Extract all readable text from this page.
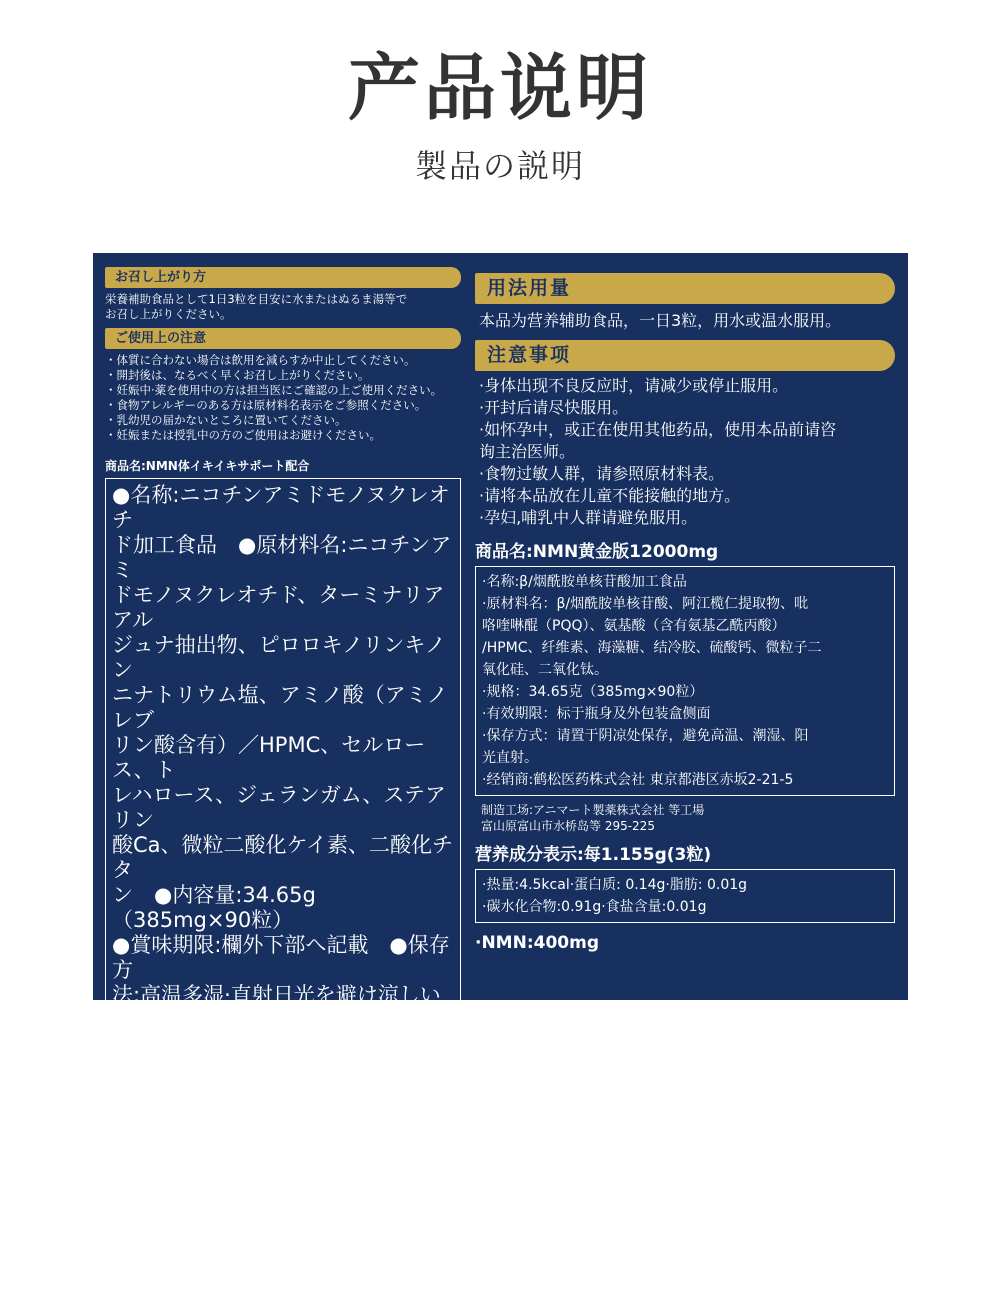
产品说明
製品の説明
お召し上がり方

栄養補助食品として1日3粒を目安に水またはぬるま湯等で

お召し上がりください。

ご使用上の注意

・体質に合わない場合は飲用を減らすか中止してください。

・開封後は、なるべく早くお召し上がりください。

・妊娠中·薬を使用中の方は担当医にご確認の上ご使用ください。

・食物アレルギーのある方は原材料名表示をご参照ください。

・乳幼児の届かないところに置いてください。

・妊娠または授乳中の方のご使用はお避けください。

商品名:NMN体イキイキサポート配合

●名称:ニコチンアミドモノヌクレオチ

ド加工食品　●原材料名:ニコチンアミ

ドモノヌクレオチド、ターミナリアアル

ジュナ抽出物、ピロロキノリンキノン

ニナトリウム塩、アミノ酸（アミノレブ

リン酸含有）／HPMC、セルロース、ト

レハロース、ジェランガム、ステアリン

酸Ca、微粒二酸化ケイ素、二酸化チタ

ン　●内容量:34.65g（385mg×90粒）

●賞味期限:欄外下部へ記載　●保存方

法:高温多湿·直射日光を避け涼しい所

に保存してください　●販売者:鶴松医

薬株式会社 東京都港区赤坂2-21-5

加工者: アニマート製薬株式会社 皐等工場

富山県富山市水橋畠等295-225

栄養成分表示: 1.155g（3粒）あたり

●エネルギー:4.5kcal ●たんぱく質:

0.14g ●脂質:0.01g ●炭水化物:

0.91g ●食塩相当量:0.01g

●NMN:400mg
用法用量
本品为营养辅助食品，一日3粒，用水或温水服用。
注意事项

·身体出现不良反应时，请减少或停止服用。

·开封后请尽快服用。

·如怀孕中，或正在使用其他药品，使用本品前请咨

询主治医师。

·食物过敏人群，请参照原材料表。

·请将本品放在儿童不能接触的地方。

·孕妇,哺乳中人群请避免服用。

商品名:NMN黄金版12000mg

·名称:β/烟酰胺单核苷酸加工食品

·原材料名：β/烟酰胺单核苷酸、阿江榄仁提取物、吡

咯喹啉醌（PQQ）、氨基酸（含有氨基乙酰丙酸）

/HPMC、纤维素、海藻糖、结冷胶、硫酸钙、微粒子二

氧化硅、二氧化钛。

·规格：34.65克（385mg×90粒）

·有效期限：标于瓶身及外包装盒侧面

·保存方式：请置于阴凉处保存，避免高温、潮湿、阳

光直射。

·经销商:鹤松医药株式会社 東京都港区赤坂2-21-5

制造工场:アニマート製薬株式会社 等工場

富山原富山市水桥岛等 295-225

营养成分表示:每1.155g(3粒)

·热量:4.5kcal·蛋白质: 0.14g·脂肪: 0.01g

·碳水化合物:0.91g·食盐含量:0.01g

·NMN:400mg
